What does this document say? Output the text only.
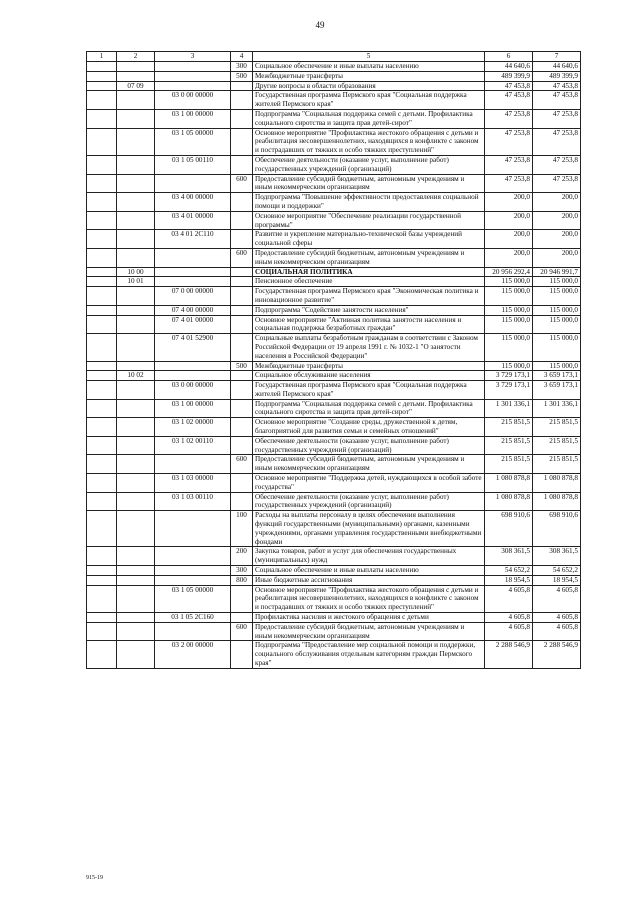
49
1	2	3	4	5	6	7
			300	Социальное обеспечение и иные выплаты населению	44 640,6	44 640,6
			500	Межбюджетные трансферты	489 399,9	489 399,9
	07 09			Другие вопросы в области образования	47 453,8	47 453,8
		03 0 00 00000		Государственная программа Пермского края "Социальная поддержка жителей Пермского края"	47 453,8	47 453,8
		03 1 00 00000		Подпрограмма "Социальная поддержка семей с детьми. Профилактика социального сиротства и защита прав детей-сирот"	47 253,8	47 253,8
		03 1 05 00000		Основное мероприятие "Профилактика жестокого обращения с детьми и реабилитация несовершеннолетних, находящихся в конфликте с законом и пострадавших от тяжких и особо тяжких преступлений"	47 253,8	47 253,8
		03 1 05 00110		Обеспечение деятельности (оказание услуг, выполнение работ) государственных учреждений (организаций)	47 253,8	47 253,8
			600	Предоставление субсидий бюджетным, автономным учреждениям и иным некоммерческим организациям	47 253,8	47 253,8
		03 4 00 00000		Подпрограмма "Повышение эффективности предоставления социальной помощи и поддержки"	200,0	200,0
		03 4 01 00000		Основное мероприятие "Обеспечение реализации государственной программы"	200,0	200,0
		03 4 01 2С110		Развитие и укрепление материально-технической базы учреждений социальной сферы	200,0	200,0
			600	Предоставление субсидий бюджетным, автономным учреждениям и иным некоммерческим организациям	200,0	200,0
	10 00			СОЦИАЛЬНАЯ ПОЛИТИКА	20 956 292,4	20 946 991,7
	10 01			Пенсионное обеспечение	115 000,0	115 000,0
		07 0 00 00000		Государственная программа Пермского края "Экономическая политика и инновационное развитие"	115 000,0	115 000,0
		07 4 00 00000		Подпрограмма "Содействие занятости населения"	115 000,0	115 000,0
		07 4 01 00000		Основное мероприятие "Активная политика занятости населения и социальная поддержка безработных граждан"	115 000,0	115 000,0
		07 4 01 52900		Социальные выплаты безработным гражданам в соответствии с Законом Российской Федерации от 19 апреля 1991 г. № 1032-1 "О занятости населения в Российской Федерации"	115 000,0	115 000,0
			500	Межбюджетные трансферты	115 000,0	115 000,0
	10 02			Социальное обслуживание населения	3 729 173,1	3 659 173,1
		03 0 00 00000		Государственная программа Пермского края "Социальная поддержка жителей Пермского края"	3 729 173,1	3 659 173,1
		03 1 00 00000		Подпрограмма "Социальная поддержка семей с детьми. Профилактика социального сиротства и защита прав детей-сирот"	1 301 336,1	1 301 336,1
		03 1 02 00000		Основное мероприятие "Создание среды, дружественной к детям, благоприятной для развития семьи и семейных отношений"	215 851,5	215 851,5
		03 1 02 00110		Обеспечение деятельности (оказание услуг, выполнение работ) государственных учреждений (организаций)	215 851,5	215 851,5
			600	Предоставление субсидий бюджетным, автономным учреждениям и иным некоммерческим организациям	215 851,5	215 851,5
		03 1 03 00000		Основное мероприятие "Поддержка детей, нуждающихся в особой заботе государства"	1 080 878,8	1 080 878,8
		03 1 03 00110		Обеспечение деятельности (оказание услуг, выполнение работ) государственных учреждений (организаций)	1 080 878,8	1 080 878,8
			100	Расходы на выплаты персоналу в целях обеспечения выполнения функций государственными (муниципальными) органами, казенными учреждениями, органами управления государственными внебюджетными фондами	698 910,6	698 910,6
			200	Закупка товаров, работ и услуг для обеспечения государственных (муниципальных) нужд	308 361,5	308 361,5
			300	Социальное обеспечение и иные выплаты населению	54 652,2	54 652,2
			800	Иные бюджетные ассигнования	18 954,5	18 954,5
		03 1 05 00000		Основное мероприятие "Профилактика жестокого обращения с детьми и реабилитация несовершеннолетних, находящихся в конфликте с законом и пострадавших от тяжких и особо тяжких преступлений"	4 605,8	4 605,8
		03 1 05 2С160		Профилактика насилия и жестокого обращения с детьми	4 605,8	4 605,8
			600	Предоставление субсидий бюджетным, автономным учреждениям и иным некоммерческим организациям	4 605,8	4 605,8
		03 2 00 00000		Подпрограмма "Предоставление мер социальной помощи и поддержки, социального обслуживания отдельным категориям граждан Пермского края"	2 288 546,9	2 288 546,9
915-19
